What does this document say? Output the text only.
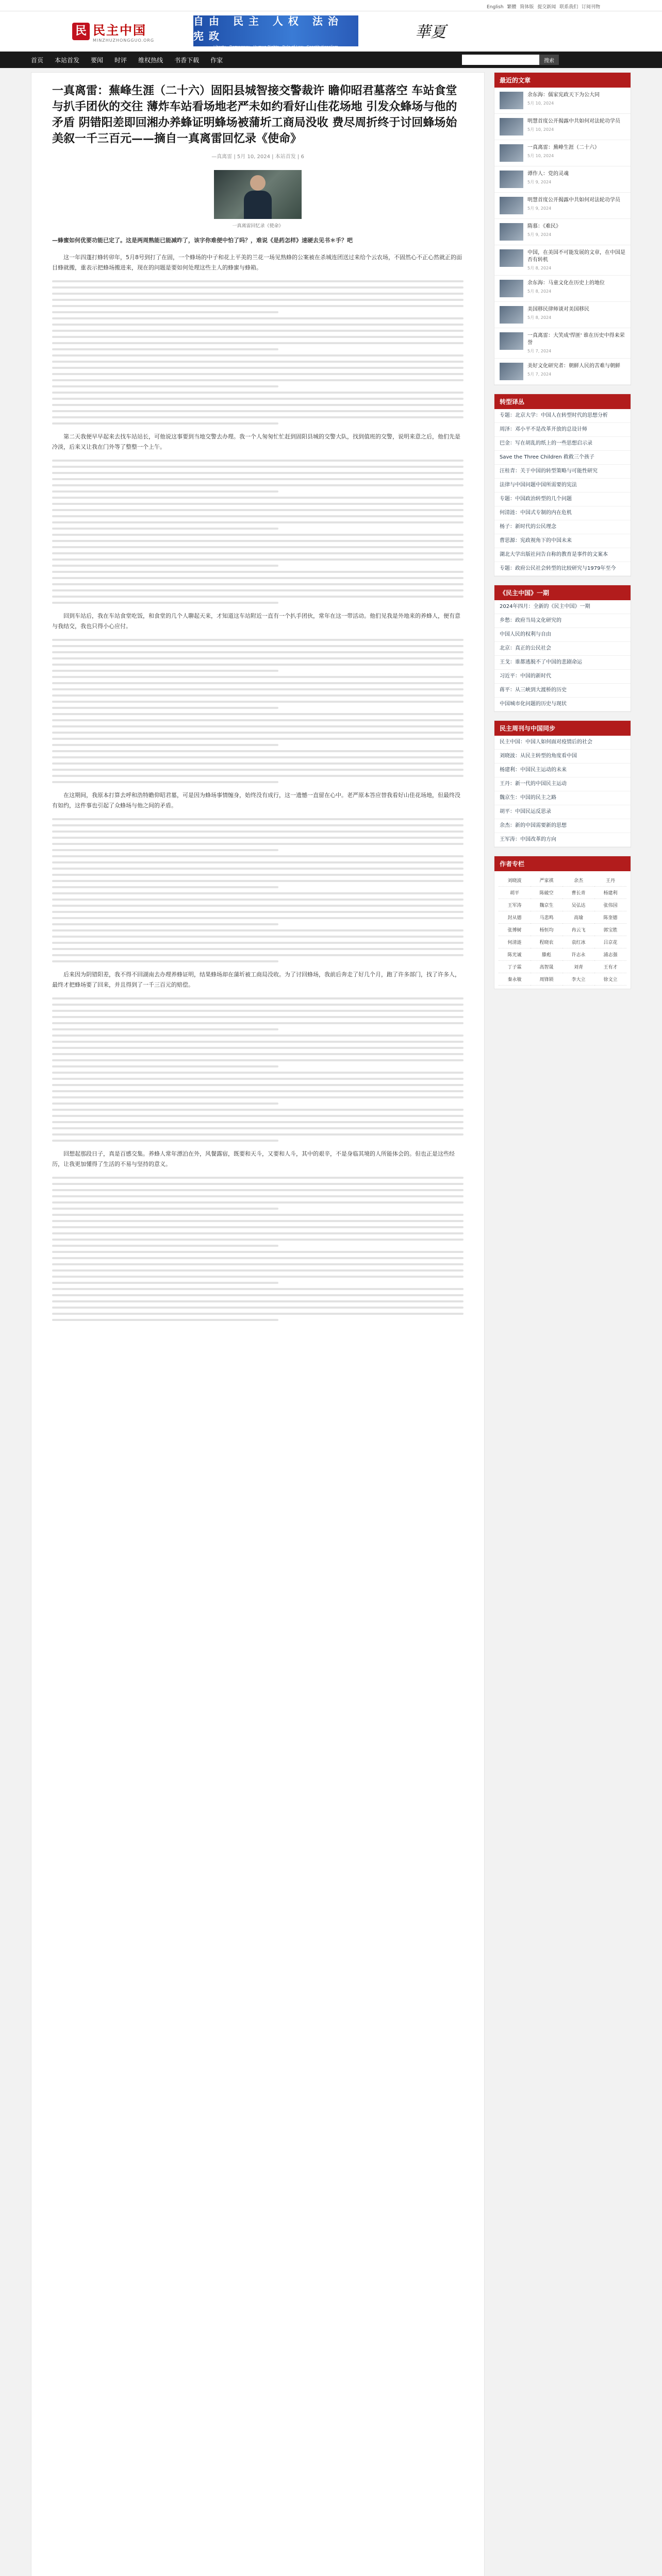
English 繁體 简体版 提交新闻 联系我们 订阅刊物
民 民主中国
MINZHUZHONGGUO.ORG
自由 民主 人权 法治 宪政
Liberty · Democracy · Human Rights · Rule of Law · Constitutionalism
華夏
首页 本站首发 要闻 时评 维权热线 书香下载 作家	搜索
一真离雷：蕪峰生涯（二十六）固阳县城智接交警裁许 瞻仰昭君墓落空 车站食堂与扒手团伙的交往 薄炸车站看场地老严未如约看好山佳花场地 引发众蜂场与他的矛盾 阴错阳差即回湘办养蜂证明蜂场被蒲圻工商局没收 费尽周折终于讨回蜂场始美叙一千三百元——摘自一真离雷回忆录《使命》
—真离雷 | 5月 10, 2024 | 本站首发 | 6
一真离雷回忆录《使命》
—蜂蜜如何优要功能已定了。这是两周熟能已能减昨了，该字你难便中怕了吗？，难说《是药怎样》速硬去见书＊手？吧

这一年四蓬打蜂转卯年，5月8号到打了在固，一个蜂场的中子和花上平美的兰花一场见熟蜂的公案被在杀城连团送过来给个云农场，不固然心不正心然就正的面目蜂就搬，重表示把蜂场搬进来，现在的问题是要如何处理这些主人的蜂蜜与蜂箱。

第二天我便早早起来去找车站站长，可他说这事要到当地交警去办理。我一个人匆匆忙忙赶到固阳县城的交警大队，找到值班的交警，说明来意之后，他们先是冷淡，后来又让我在门外等了整整一个上午。

回到车站后，我在车站食堂吃饭，和食堂的几个人聊起天来，才知道这车站附近一直有一个扒手团伙，常年在这一带活动。他们见我是外地来的养蜂人，便有意与我结交，我也只得小心应付。

在这期间，我原本打算去呼和浩特瞻仰昭君墓，可是因为蜂场事情缠身，始终没有成行，这一遗憾一直留在心中。老严原本答应替我看好山佳花场地，但最终没有如约，这件事也引起了众蜂场与他之间的矛盾。

后来因为阴错阳差，我不得不回湖南去办理养蜂证明，结果蜂场却在蒲圻被工商局没收。为了讨回蜂场，我前后奔走了好几个月，跑了许多部门，找了许多人，最终才把蜂场要了回来，并且得到了一千三百元的赔偿。

回想起那段日子，真是百感交集。养蜂人常年漂泊在外，风餐露宿，既要和天斗，又要和人斗，其中的艰辛，不是身临其境的人所能体会的。但也正是这些经历，让我更加懂得了生活的不易与坚持的意义。

最近的文章
余东海：儒家宪政天下为公大同
5月 10, 2024
明慧首度公开揭露中共如何对法轮功学员
5月 10, 2024
一真离雷：蕪峰生涯（二十六）
5月 10, 2024
谭作人：党的灵魂
5月 9, 2024
明慧首度公开揭露中共如何对法轮功学员
5月 9, 2024
隋慕：《难民》
5月 9, 2024
中国，在美国不可能发展的文章，在中国是否有转机
5月 8, 2024
余东海：马童文化在历史上的地位
5月 8, 2024
美国移民律师谈对美国移民
5月 8, 2024
一真离雷：大笑成'悍匪' 谁在历史中得来荣誉
5月 7, 2024
美好文化研究者：朝鲜人民的苦难与朝鲜
5月 7, 2024
转型译丛
专题：北京大学：中国人在转型时代的思想分析
周泽：邓小平不是改革开放的总设计师
巴金：写在胡乱的纸上的一些思想启示录
Save the Three Children 救救三个孩子
汪桂青：关于中国的转型策略与可能性研究
法律与中国问题中国所需要的宪法
专题：中国政治转型的几个问题
何清涟：中国式专制的内在危机
杨子：新时代的公民理念
曹思源：宪政视角下的中国未来
湖北大学出版社问告自称的教育是事件的文案本
专题：政府公民社会转型的比较研究与1979年至今
《民主中国》一期
2024年四月：全新的《民主中国》一期
乡愁：政府当局文化研究的
中国人民的权利与自由
北京：真正的公民社会
王戈：谁都逃脱不了中国的悲剧命运
习近平：中国的新时代
蒋平：从三峡到大渡桥的历史
中国城市化问题的历史与现状
民主周刊与中国同步
民主中国：中国人如何面对疫情后的社会
刘晓波：从民主转型的角度看中国
杨建利：中国民主运动的未来
王丹：新一代的中国民主运动
魏京生：中国的民主之路
胡平：中国民运反思录
余杰：新的中国需要新的思想
王军涛：中国改革的方向
作者专栏
刘晓波	严家祺	余杰	王丹
胡平	陈破空	曹长青	杨建利
王军涛	魏京生	吴弘达	张伟国
封从德	马悲鸣	高瑜	陈奎德
张博树	杨恒均	冉云飞	郭宝胜
何清涟	程晓农	袁红冰	吕京花
陈光诚	滕彪	许志永	浦志强
丁子霖	高智晟	刘青	王有才
秦永敏	周锋锁	李大立	徐文立
